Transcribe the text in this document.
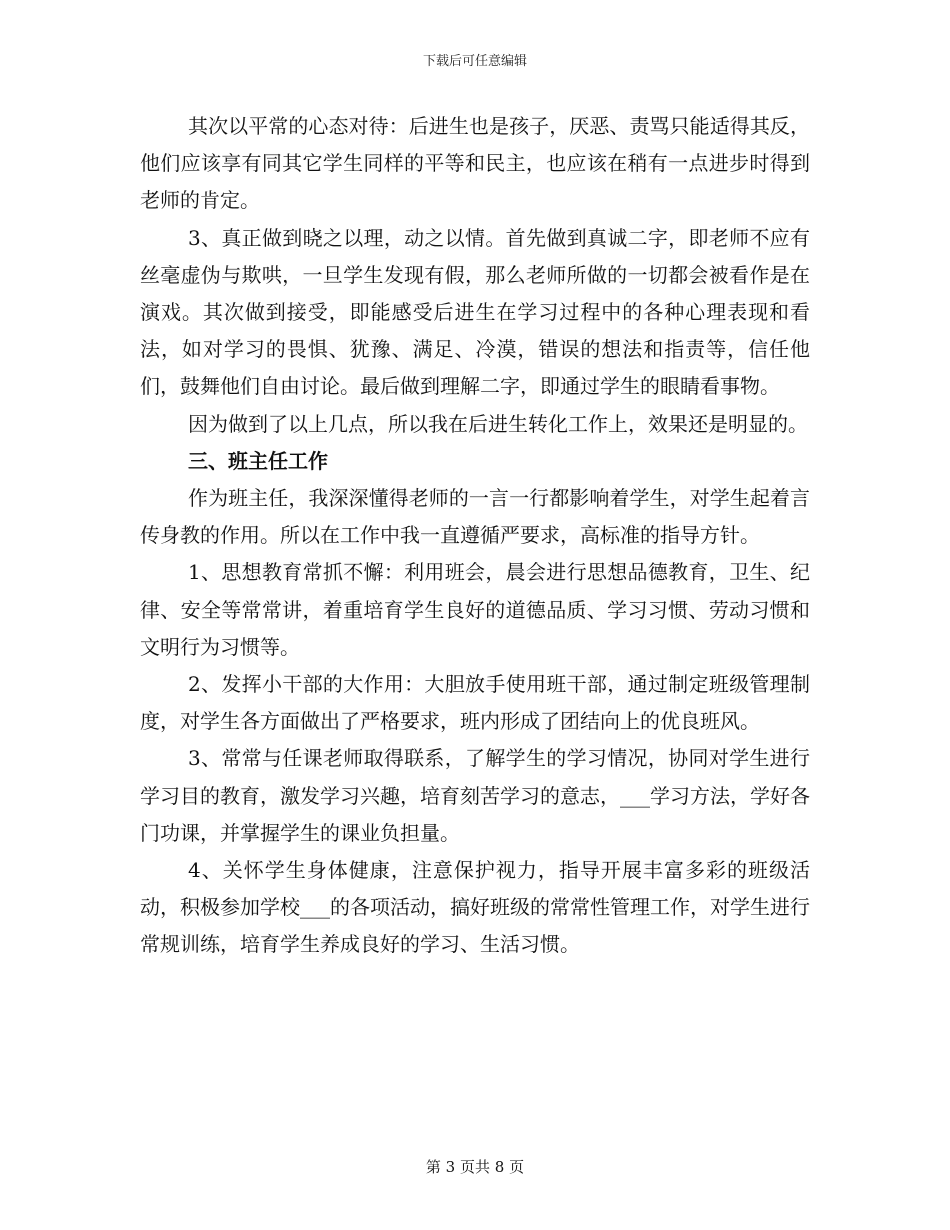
下载后可任意编辑

其次以平常的心态对待：后进生也是孩子，厌恶、责骂只能适得其反，他们应该享有同其它学生同样的平等和民主，也应该在稍有一点进步时得到老师的肯定。

3、真正做到晓之以理，动之以情。首先做到真诚二字，即老师不应有丝毫虚伪与欺哄，一旦学生发现有假，那么老师所做的一切都会被看作是在演戏。其次做到接受，即能感受后进生在学习过程中的各种心理表现和看法，如对学习的畏惧、犹豫、满足、冷漠，错误的想法和指责等，信任他们，鼓舞他们自由讨论。最后做到理解二字，即通过学生的眼睛看事物。

因为做到了以上几点，所以我在后进生转化工作上，效果还是明显的。

三、班主任工作

作为班主任，我深深懂得老师的一言一行都影响着学生，对学生起着言传身教的作用。所以在工作中我一直遵循严要求，高标准的指导方针。

1、思想教育常抓不懈：利用班会，晨会进行思想品德教育，卫生、纪律、安全等常常讲，着重培育学生良好的道德品质、学习习惯、劳动习惯和文明行为习惯等。

2、发挥小干部的大作用：大胆放手使用班干部，通过制定班级管理制度，对学生各方面做出了严格要求，班内形成了团结向上的优良班风。

3、常常与任课老师取得联系，了解学生的学习情况，协同对学生进行学习目的教育，激发学习兴趣，培育刻苦学习的意志，___学习方法，学好各门功课，并掌握学生的课业负担量。

4、关怀学生身体健康，注意保护视力，指导开展丰富多彩的班级活动，积极参加学校___的各项活动，搞好班级的常常性管理工作，对学生进行常规训练，培育学生养成良好的学习、生活习惯。

第 3 页共 8 页
